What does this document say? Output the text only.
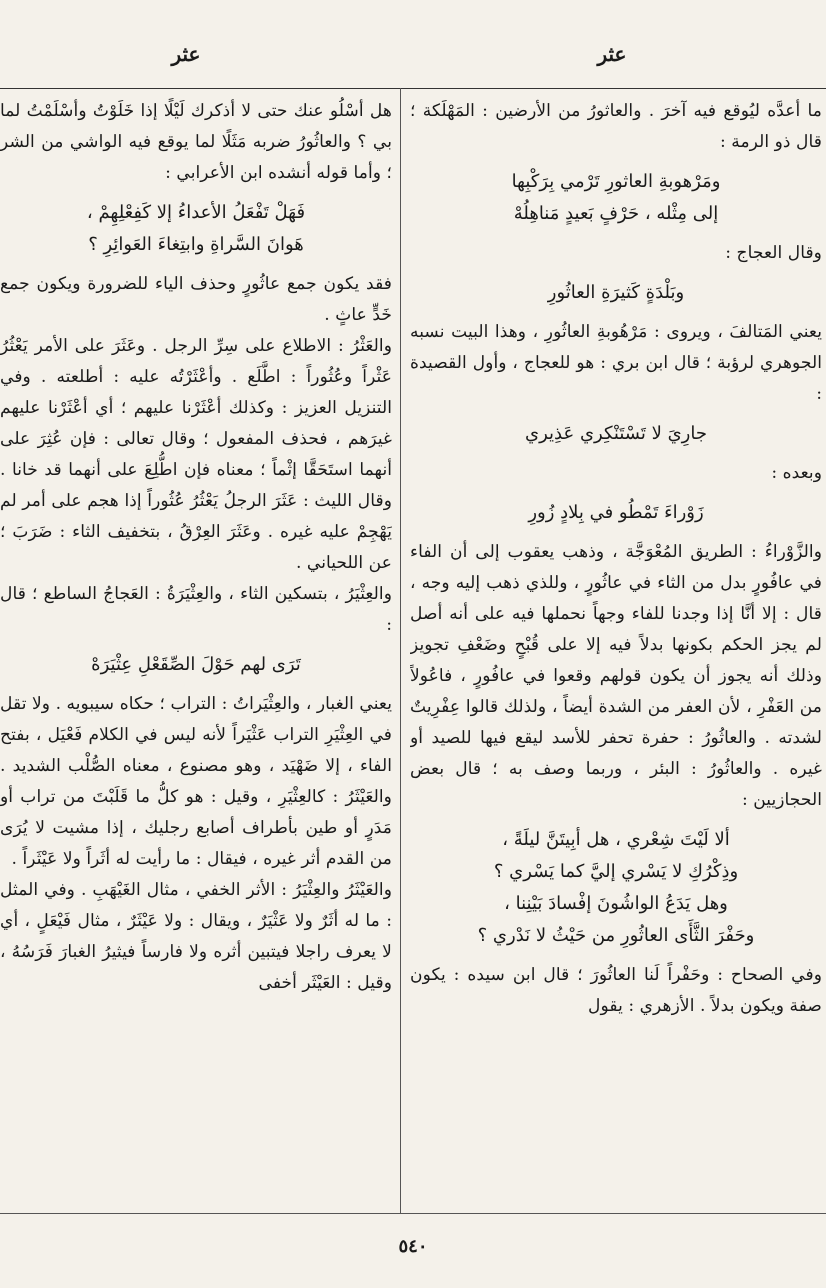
عثر
عثر

ما أعدَّه ليُوقع فيه آخرَ . والعاثورُ من الأرضين : المَهْلَكة ؛ قال ذو الرمة :

ومَرْهوبةِ العاثورِ تَرْمي بِرَكْبِها
إلى مِثْله ، حَرْفٍ بَعيدٍ مَناهِلُهْ

وقال العجاج :

وبَلْدَةٍ كَثيرَةِ العاثُورِ

يعني المَتالفَ ، ويروى : مَرْهُوبةِ العاثُورِ ، وهذا البيت نسبه الجوهري لرؤبة ؛ قال ابن بري : هو للعجاج ، وأول القصيدة :

جارِيَ لا تَسْتَنْكِري عَذِيري

وبعده :

زَوْراءَ تَمْطُو في بِلادٍ زُورِ

والزَّوْراءُ : الطريق المُعْوَجَّة ، وذهب يعقوب إلى أن الفاء في عافُورٍ بدل من الثاء في عاثُورٍ ، وللذي ذهب إليه وجه ، قال : إلا أنَّا إذا وجدنا للفاء وجهاً نحملها فيه على أنه أصل لم يجز الحكم بكونها بدلاً فيه إلا على قُبْحٍ وضَعْفِ تجويز وذلك أنه يجوز أن يكون قولهم وقعوا في عافُورٍ ، فاعُولاً من العَفْرِ ، لأن العفر من الشدة أيضاً ، ولذلك قالوا عِفْرِيتٌ لشدته . والعاثُورُ : حفرة تحفر للأسد ليقع فيها للصيد أو غيره . والعاثُورُ : البئر ، وربما وصف به ؛ قال بعض الحجازيين :

ألا لَيْتَ شِعْري ، هل أبِيتَنَّ ليلَةً ،
وذِكْرُكِ لا يَسْري إليَّ كما يَسْري ؟
وهل يَدَعُ الواشُونَ إفْسادَ بَيْنِنا ،
وحَفْرَ الثَّأَى العاثُورِ من حَيْثُ لا نَدْري ؟

وفي الصحاح : وحَفْراً لَنا العاثُورَ ؛ قال ابن سيده : يكون صفة ويكون بدلاً . الأزهري : يقول

هل أسْلُو عنك حتى لا أذكرك لَيْلًا إذا خَلَوْتُ وأسْلَمْتُ لما بي ؟ والعاثُورُ ضربه مَثَلًا لما يوقع فيه الواشي من الشر ؛ وأما قوله أنشده ابن الأعرابي :

فَهَلْ تَفْعَلُ الأعداءُ إلا كَفِعْلِهِمْ ،
هَوانَ السَّراةِ وابتِغاءَ العَوائِرِ ؟

فقد يكون جمع عاثُورٍ وحذف الياء للضرورة ويكون جمع خَدٍّ عاثٍ .

والعَثْرُ : الاطلاع على سِرِّ الرجل . وعَثَرَ على الأمر يَعْثُرُ عَثْراً وعُثُوراً : اطَّلَع . وأعْثَرْتُه عليه : أطلعته . وفي التنزيل العزيز : وكذلك أعْثَرْنا عليهم ؛ أي أعْثَرْنا عليهم غيرَهم ، فحذف المفعول ؛ وقال تعالى : فإن عُثِرَ على أنهما استَحَقَّا إثْماً ؛ معناه فإن اطُّلِعَ على أنهما قد خانا . وقال الليث : عَثَرَ الرجلُ يَعْثُرُ عُثُوراً إذا هجم على أمر لم يَهْجِمْ عليه غيره . وعَثَرَ العِرْقُ ، بتخفيف الثاء : ضَرَبَ ؛ عن اللحياني .

والعِثْيَرُ ، بتسكين الثاء ، والعِثْيَرَةُ : العَجاجُ الساطع ؛ قال :

تَرَى لهم حَوْلَ الصِّقَعْلِ عِثْيَرَهْ

يعني الغبار ، والعِثْيَراتُ : التراب ؛ حكاه سيبويه . ولا تقل في العِثْيَرِ التراب عَثْيَراً لأنه ليس في الكلام فَعْيَل ، بفتح الفاء ، إلا ضَهْيَد ، وهو مصنوع ، معناه الصُّلْب الشديد . والعَيْثَرُ : كالعِثْيَرِ ، وقيل : هو كلُّ ما قَلَبْتَ من تراب أو مَدَرٍ أو طين بأطراف أصابع رجليك ، إذا مشيت لا يُرَى من القدم أثر غيره ، فيقال : ما رأيت له أثَراً ولا عَيْثَراً .

والعَيْثَرُ والعِثْيَرُ : الأثر الخفي ، مثال الغَيْهَبِ . وفي المثل : ما له أثَرٌ ولا عَثْيَرٌ ، ويقال : ولا عَيْثَرٌ ، مثال فَيْعَلٍ ، أي لا يعرف راجلا فيتبين أثره ولا فارساً فيثيرُ الغبارَ فَرَسُهُ ، وقيل : العَيْثَر أخفى

٥٤٠
